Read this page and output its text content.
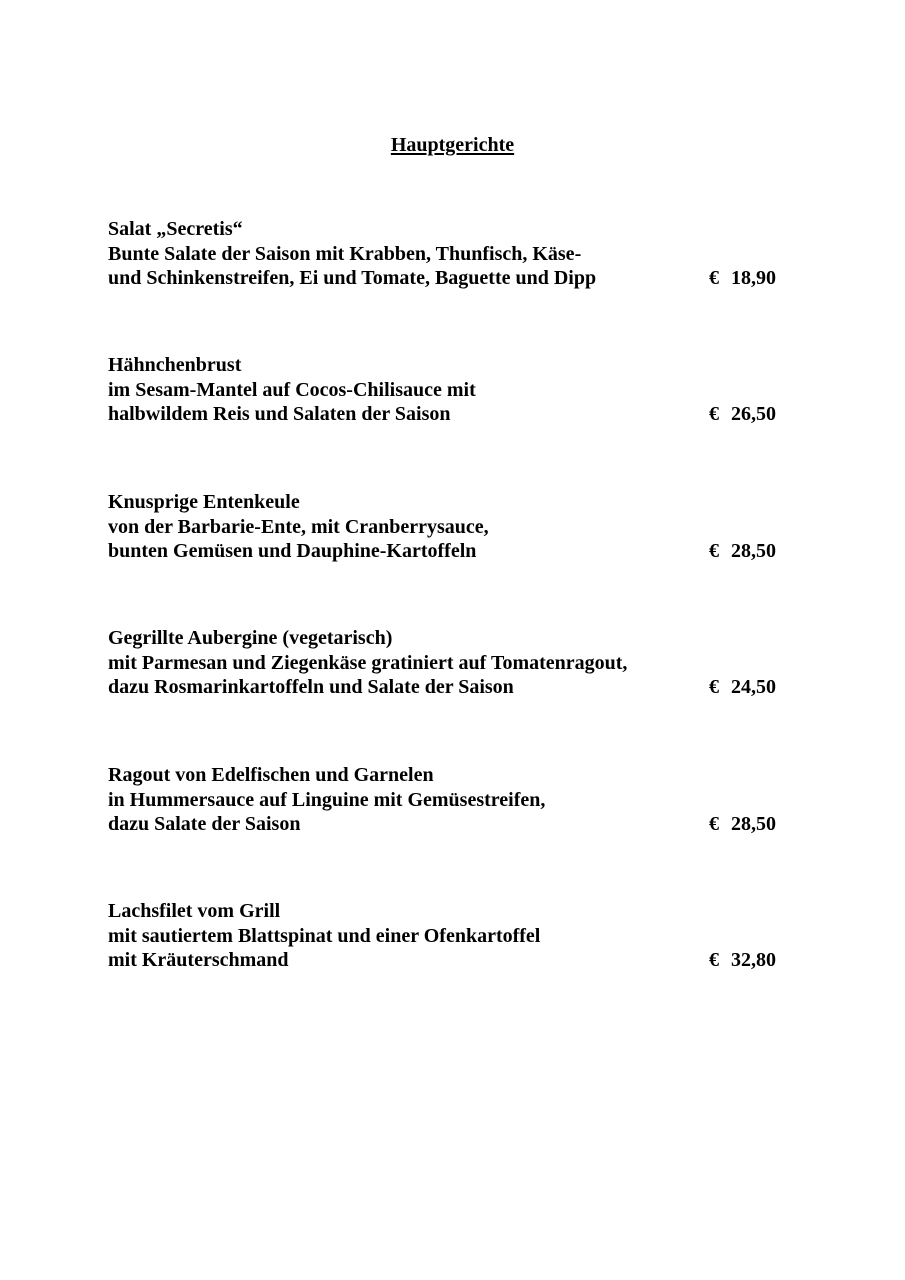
Hauptgerichte
Salat „Secretis“
Bunte Salate der Saison mit Krabben, Thunfisch, Käse-
und Schinkenstreifen, Ei und Tomate, Baguette und Dipp	€ 18,90
Hähnchenbrust
im Sesam-Mantel auf Cocos-Chilisauce mit
halbwildem Reis und Salaten der Saison	€ 26,50
Knusprige Entenkeule
von der Barbarie-Ente, mit Cranberrysauce,
bunten Gemüsen und Dauphine-Kartoffeln	€ 28,50
Gegrillte Aubergine (vegetarisch)
mit Parmesan und Ziegenkäse gratiniert auf Tomatenragout,
dazu Rosmarinkartoffeln und Salate der Saison	€ 24,50
Ragout von Edelfischen und Garnelen
in Hummersauce auf Linguine mit Gemüsestreifen,
dazu Salate der Saison	€ 28,50
Lachsfilet vom Grill
mit sautiertem Blattspinat und einer Ofenkartoffel
mit Kräuterschmand	€ 32,80
